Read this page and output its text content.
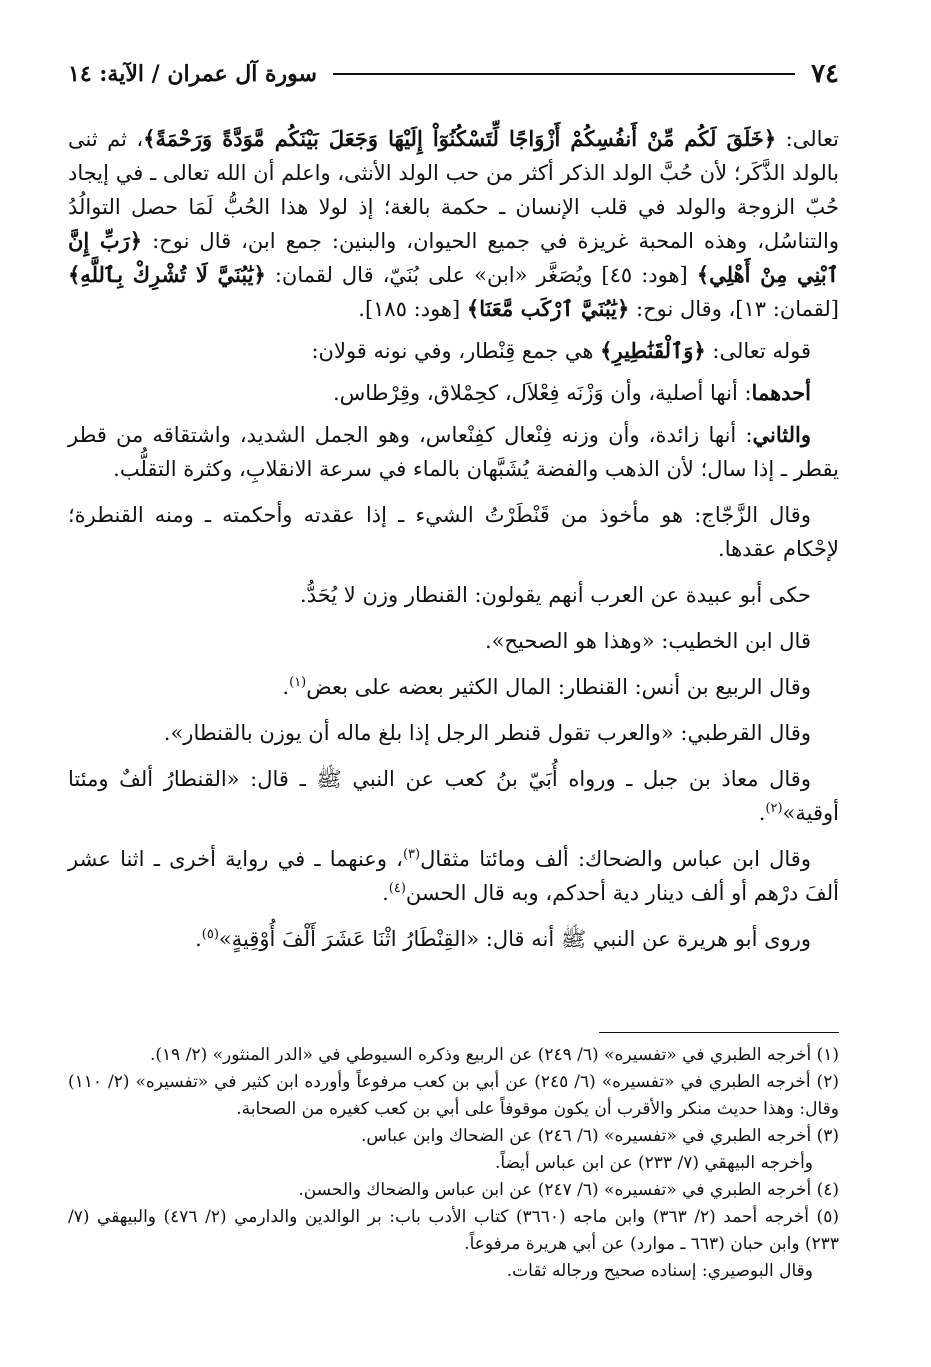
٧٤
سورة آل عمران / الآية: ١٤

تعالى: ﴿خَلَقَ لَكُم مِّنْ أَنفُسِكُمْ أَزْوَاجًا لِّتَسْكُنُوٓاْ إِلَيْهَا وَجَعَلَ بَيْنَكُم مَّوَدَّةً وَرَحْمَةً﴾، ثم ثنى بالولد الذَّكَر؛ لأن حُبَّ الولد الذكر أكثر من حب الولد الأنثى، واعلم أن الله تعالى ـ في إيجاد حُبّ الزوجة والولد في قلب الإنسان ـ حكمة بالغة؛ إذ لولا هذا الحُبُّ لَمَا حصل التوالُدُ والتناسُل، وهذه المحبة غريزة في جميع الحيوان، والبنين: جمع ابن، قال نوح: ﴿رَبِّ إِنَّ ٱبْنِي مِنْ أَهْلِي﴾ [هود: ٤٥] ويُصَغَّر «ابن» على بُنَيّ، قال لقمان: ﴿يَٰبُنَيَّ لَا تُشْرِكْ بِٱللَّهِ﴾ [لقمان: ١٣]، وقال نوح: ﴿يَٰبُنَيَّ ٱرْكَب مَّعَنَا﴾ [هود: ١٨٥].

قوله تعالى: ﴿وَٱلْقَنَٰطِيرِ﴾ هي جمع قِنْطار، وفي نونه قولان:

أحدهما: أنها أصلية، وأن وَزْنَه فِعْلاَل، كحِمْلاق، وقِرْطاس.

والثاني: أنها زائدة، وأن وزنه فِنْعال كفِنْعاس، وهو الجمل الشديد، واشتقاقه من قطر يقطر ـ إذا سال؛ لأن الذهب والفضة يُشَبَّهان بالماء في سرعة الانقلابِ، وكثرة التقلُّب.

وقال الزَّجّاج: هو مأخوذ من قَنْطَرْتُ الشيء ـ إذا عقدته وأحكمته ـ ومنه القنطرة؛ لإحْكام عقدها.

حكى أبو عبيدة عن العرب أنهم يقولون: القنطار وزن لا يُحَدُّ.

قال ابن الخطيب: «وهذا هو الصحيح».

وقال الربيع بن أنس: القنطار: المال الكثير بعضه على بعض$^{(١)}$.

وقال القرطبي: «والعرب تقول قنطر الرجل إذا بلغ ماله أن يوزن بالقنطار».

وقال معاذ بن جبل ـ ورواه أُبَيّ بنُ كعب عن النبي ﷺ ـ قال: «القنطارُ ألفٌ ومئتا أوقية»$^{(٢)}$.

وقال ابن عباس والضحاك: ألف ومائتا مثقال$^{(٣)}$، وعنهما ـ في رواية أخرى ـ اثنا عشر ألفَ درْهم أو ألف دينار دية أحدكم، وبه قال الحسن$^{(٤)}$.

وروى أبو هريرة عن النبي ﷺ أنه قال: «القِنْطَارُ اثْنَا عَشَرَ أَلْفَ أُوْقِيةٍ»$^{(٥)}$.

(١) أخرجه الطبري في «تفسيره» (٦/ ٢٤٩) عن الربيع وذكره السيوطي في «الدر المنثور» (٢/ ١٩).

(٢) أخرجه الطبري في «تفسيره» (٦/ ٢٤٥) عن أبي بن كعب مرفوعاً وأورده ابن كثير في «تفسيره» (٢/ ١١٠) وقال: وهذا حديث منكر والأقرب أن يكون موقوفاً على أبي بن كعب كغيره من الصحابة.

(٣) أخرجه الطبري في «تفسيره» (٦/ ٢٤٦) عن الضحاك وابن عباس.

وأخرجه البيهقي (٧/ ٢٣٣) عن ابن عباس أيضاً.

(٤) أخرجه الطبري في «تفسيره» (٦/ ٢٤٧) عن ابن عباس والضحاك والحسن.

(٥) أخرجه أحمد (٢/ ٣٦٣) وابن ماجه (٣٦٦٠) كتاب الأدب باب: بر الوالدين والدارمي (٢/ ٤٧٦) والبيهقي (٧/ ٢٣٣) وابن حبان (٦٦٣ ـ موارد) عن أبي هريرة مرفوعاً.

وقال البوصيري: إسناده صحيح ورجاله ثقات.
